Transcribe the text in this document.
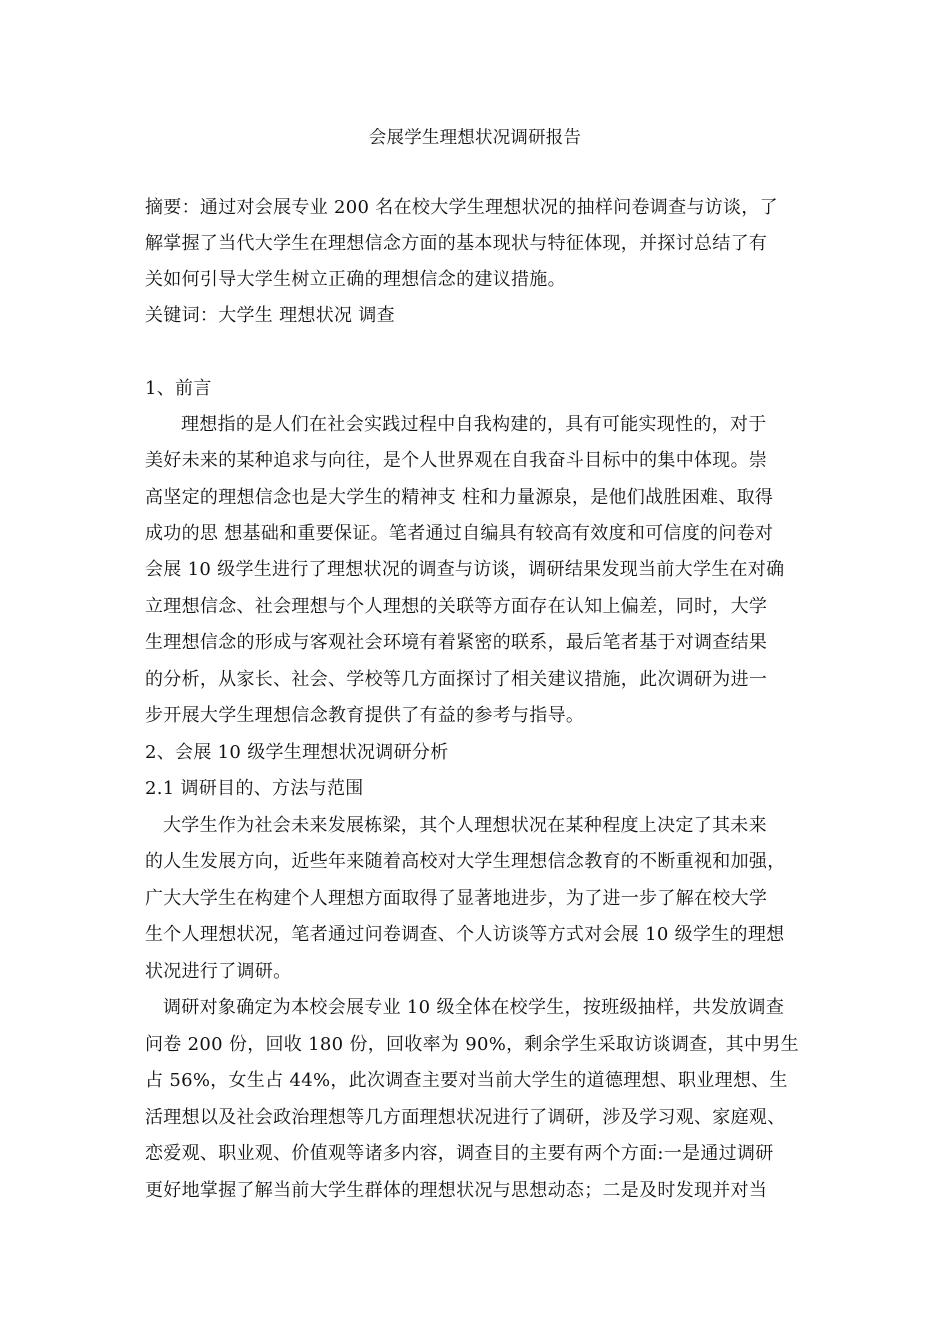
会展学生理想状况调研报告
摘要：通过对会展专业 200 名在校大学生理想状况的抽样问卷调查与访谈，了
解掌握了当代大学生在理想信念方面的基本现状与特征体现，并探讨总结了有
关如何引导大学生树立正确的理想信念的建议措施。
关键词：大学生 理想状况 调查
1、前言
理想指的是人们在社会实践过程中自我构建的，具有可能实现性的，对于
美好未来的某种追求与向往，是个人世界观在自我奋斗目标中的集中体现。崇
高坚定的理想信念也是大学生的精神支 柱和力量源泉，是他们战胜困难、取得
成功的思 想基础和重要保证。笔者通过自编具有较高有效度和可信度的问卷对
会展 10 级学生进行了理想状况的调查与访谈，调研结果发现当前大学生在对确
立理想信念、社会理想与个人理想的关联等方面存在认知上偏差，同时，大学
生理想信念的形成与客观社会环境有着紧密的联系，最后笔者基于对调查结果
的分析，从家长、社会、学校等几方面探讨了相关建议措施，此次调研为进一
步开展大学生理想信念教育提供了有益的参考与指导。
2、会展 10 级学生理想状况调研分析
2.1 调研目的、方法与范围
大学生作为社会未来发展栋梁，其个人理想状况在某种程度上决定了其未来
的人生发展方向，近些年来随着高校对大学生理想信念教育的不断重视和加强，
广大大学生在构建个人理想方面取得了显著地进步，为了进一步了解在校大学
生个人理想状况，笔者通过问卷调查、个人访谈等方式对会展 10 级学生的理想
状况进行了调研。
调研对象确定为本校会展专业 10 级全体在校学生，按班级抽样，共发放调查
问卷 200 份，回收 180 份，回收率为 90%，剩余学生采取访谈调查，其中男生
占 56%，女生占 44%，此次调查主要对当前大学生的道德理想、职业理想、生
活理想以及社会政治理想等几方面理想状况进行了调研，涉及学习观、家庭观、
恋爱观、职业观、价值观等诸多内容，调查目的主要有两个方面:一是通过调研
更好地掌握了解当前大学生群体的理想状况与思想动态；二是及时发现并对当
